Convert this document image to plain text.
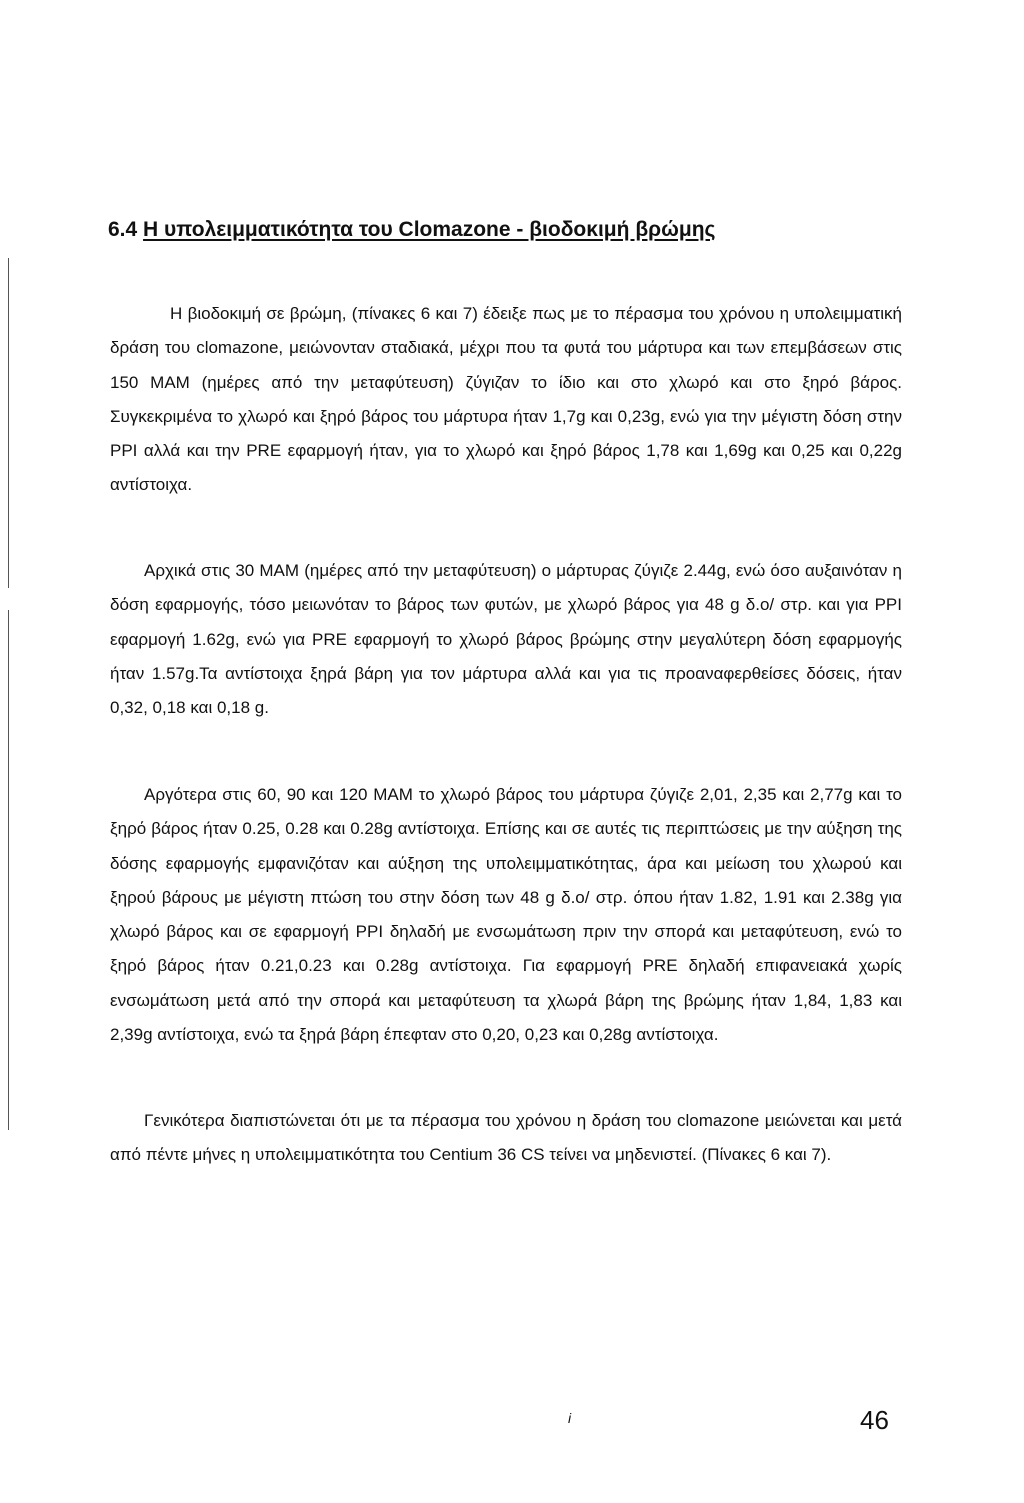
6.4 Η υπολειμματικότητα του Clomazone - βιοδοκιμή βρώμης

Η βιοδοκιμή σε βρώμη, (πίνακες 6 και 7) έδειξε πως με το πέρασμα του χρόνου η υπολειμματική δράση του clomazone, μειώνονταν σταδιακά, μέχρι που τα φυτά του μάρτυρα και των επεμβάσεων στις 150 MAM (ημέρες από την μεταφύτευση) ζύγιζαν το ίδιο και στο χλωρό και στο ξηρό βάρος. Συγκεκριμένα το χλωρό και ξηρό βάρος του μάρτυρα ήταν 1,7g και 0,23g, ενώ για την μέγιστη δόση στην PPI αλλά και την PRE εφαρμογή ήταν, για το χλωρό και ξηρό βάρος 1,78 και 1,69g και 0,25 και 0,22g αντίστοιχα.

Αρχικά στις 30 MAM (ημέρες από την μεταφύτευση) ο μάρτυρας ζύγιζε 2.44g, ενώ όσο αυξαινόταν η δόση εφαρμογής, τόσο μειωνόταν το βάρος των φυτών, με χλωρό βάρος για 48 g δ.ο/ στρ. και για PPI εφαρμογή 1.62g, ενώ για PRE εφαρμογή το χλωρό βάρος βρώμης στην μεγαλύτερη δόση εφαρμογής ήταν 1.57g.Τα αντίστοιχα ξηρά βάρη για τον μάρτυρα αλλά και για τις προαναφερθείσες δόσεις, ήταν 0,32, 0,18 και 0,18 g.

Αργότερα στις 60, 90 και 120 MAM το χλωρό βάρος του μάρτυρα ζύγιζε 2,01, 2,35 και 2,77g και το ξηρό βάρος ήταν 0.25, 0.28 και 0.28g αντίστοιχα. Επίσης και σε αυτές τις περιπτώσεις με την αύξηση της δόσης εφαρμογής εμφανιζόταν και αύξηση της υπολειμματικότητας, άρα και μείωση του χλωρού και ξηρού βάρους με μέγιστη πτώση του στην δόση των 48 g δ.ο/ στρ. όπου ήταν 1.82, 1.91 και 2.38g για χλωρό βάρος και σε εφαρμογή PPI δηλαδή με ενσωμάτωση πριν την σπορά και μεταφύτευση, ενώ το ξηρό βάρος ήταν 0.21,0.23 και 0.28g αντίστοιχα. Για εφαρμογή PRE δηλαδή επιφανειακά χωρίς ενσωμάτωση μετά από την σπορά και μεταφύτευση τα χλωρά βάρη της βρώμης ήταν 1,84, 1,83 και 2,39g αντίστοιχα, ενώ τα ξηρά βάρη έπεφταν στο 0,20, 0,23 και 0,28g αντίστοιχα.

Γενικότερα διαπιστώνεται ότι με τα πέρασμα του χρόνου η δράση του clomazone μειώνεται και μετά από πέντε μήνες η υπολειμματικότητα του Centium 36 CS τείνει να μηδενιστεί. (Πίνακες 6 και 7).

i	46
